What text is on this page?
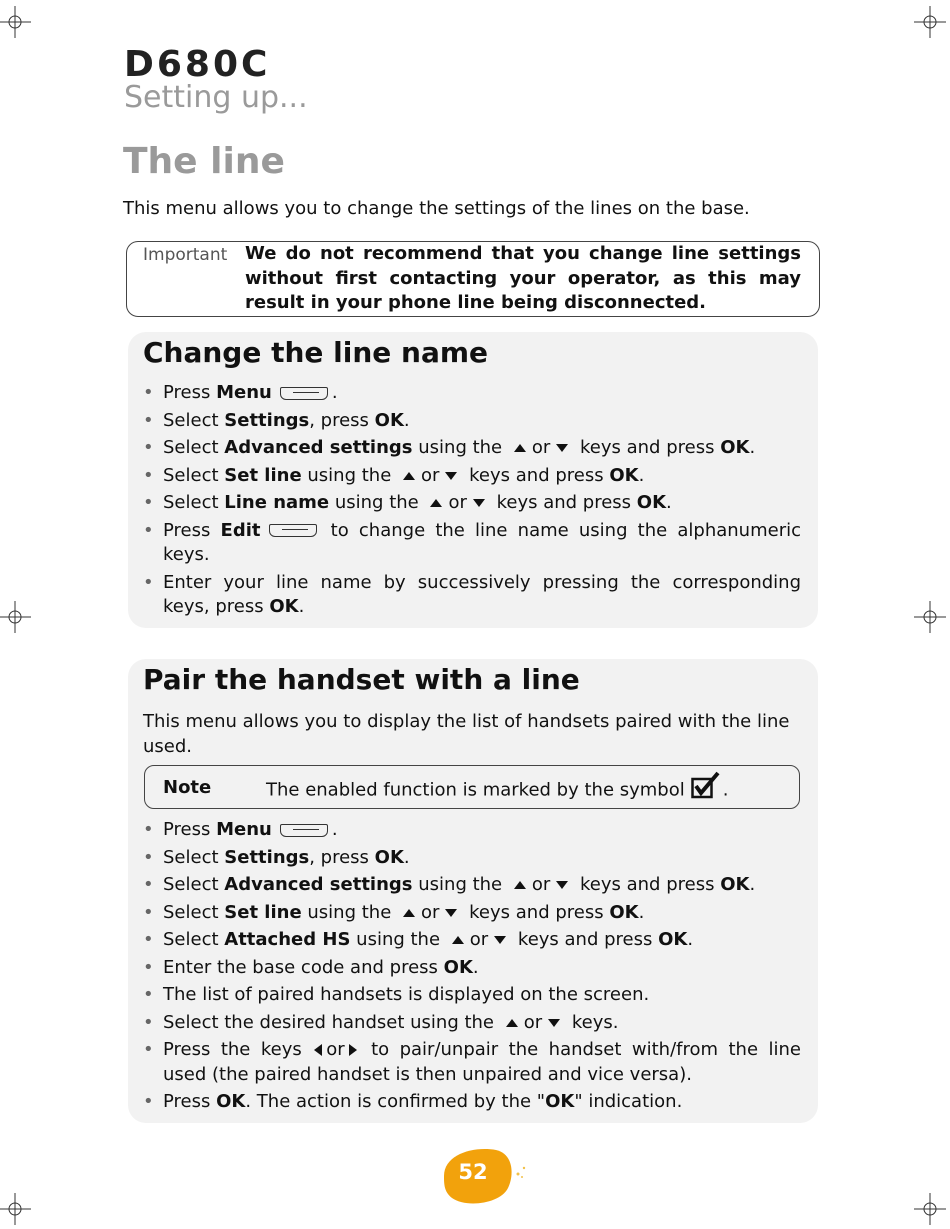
D680C
Setting up...
The line
This menu allows you to change the settings of the lines on the base.
Important We do not recommend that you change line settings without first contacting your operator, as this may result in your phone line being disconnected.
Change the line name
• Press Menu	.
• Select Settings, press OK.
• Select Advanced settings using the
or
keys and press OK.
• Select Set line using the
or
keys and press OK.
• Select Line name using the
or
keys and press OK.
• Press Edit	to change the line name using the alphanumeric keys.
• Enter your line name by successively pressing the corresponding keys, press OK.
Pair the handset with a line
This menu allows you to display the list of handsets paired with the line used.
Note	The enabled function is marked by the symbol .
• Press Menu	.
• Select Settings, press OK.
• Select Advanced settings using the
or
keys and press OK.
• Select Set line using the
or
keys and press OK.
• Select Attached HS using the
or
keys and press OK.
• Enter the base code and press OK.
• The list of paired handsets is displayed on the screen.
• Select the desired handset using the
or
keys.
• Press the keys
or
to pair/unpair the handset with/from the line used (the paired handset is then unpaired and vice versa).
• Press OK. The action is confirmed by the "OK" indication.
52
